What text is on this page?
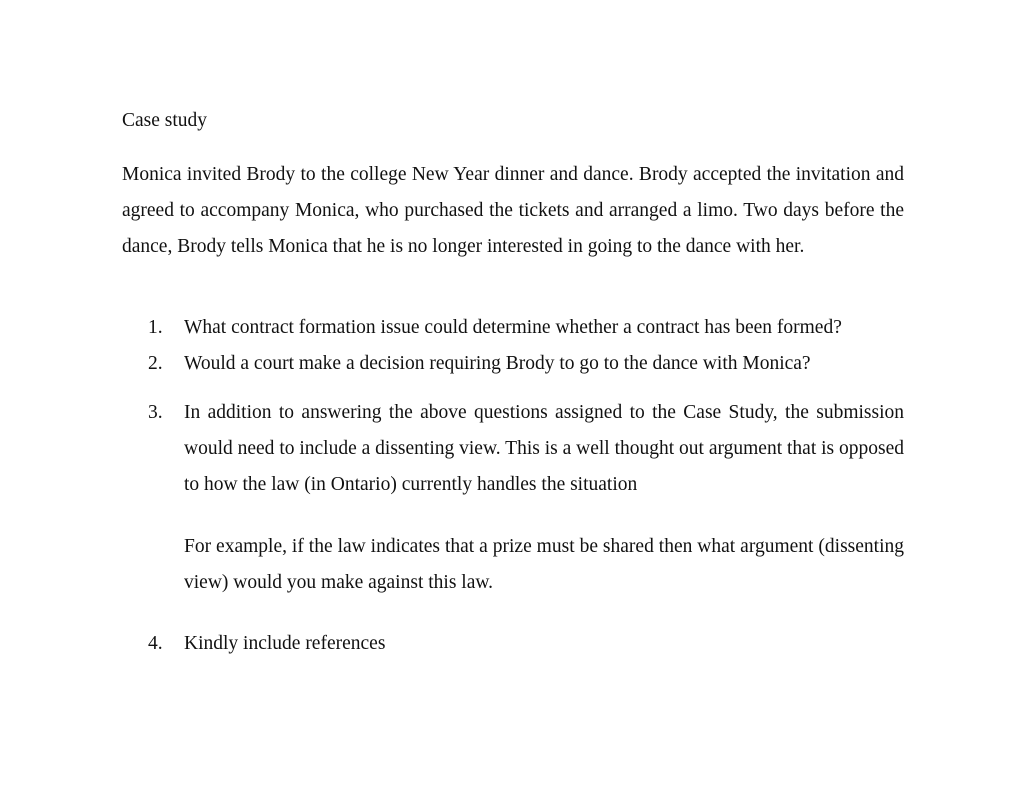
Case study

Monica invited Brody to the college New Year dinner and dance. Brody accepted the invitation and agreed to accompany Monica, who purchased the tickets and arranged a limo. Two days before the dance, Brody tells Monica that he is no longer interested in going to the dance with her.

1.	What contract formation issue could determine whether a contract has been formed?

2.	Would a court make a decision requiring Brody to go to the dance with Monica?

3.	In addition to answering the above questions assigned to the Case Study, the submission would need to include a dissenting view. This is a well thought out argument that is opposed to how the law (in Ontario) currently handles the situation

For example, if the law indicates that a prize must be shared then what argument (dissenting view) would you make against this law.

4.	Kindly include references
